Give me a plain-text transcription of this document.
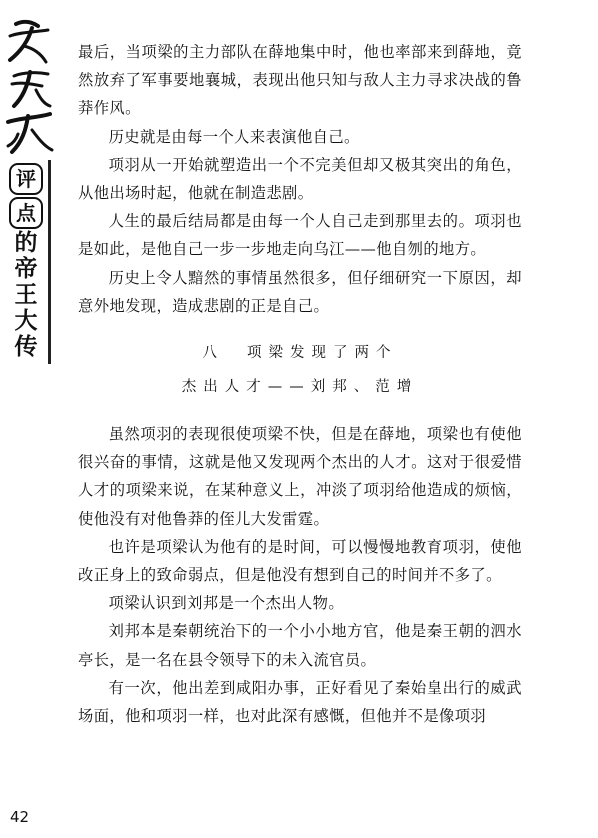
评
点
的
帝
王
大
传

最后，当项梁的主力部队在薛地集中时，他也率部来到薛地，竟然放弃了军事要地襄城，表现出他只知与敌人主力寻求决战的鲁莽作风。

历史就是由每一个人来表演他自己。

项羽从一开始就塑造出一个不完美但却又极其突出的角色，从他出场时起，他就在制造悲剧。

人生的最后结局都是由每一个人自己走到那里去的。项羽也是如此，是他自己一步一步地走向乌江——他自刎的地方。

历史上令人黯然的事情虽然很多，但仔细研究一下原因，却意外地发现，造成悲剧的正是自己。

八 项梁发现了两个
杰出人才——刘邦、范增

虽然项羽的表现很使项梁不快，但是在薛地，项梁也有使他很兴奋的事情，这就是他又发现两个杰出的人才。这对于很爱惜人才的项梁来说，在某种意义上，冲淡了项羽给他造成的烦恼，使他没有对他鲁莽的侄儿大发雷霆。

也许是项梁认为他有的是时间，可以慢慢地教育项羽，使他改正身上的致命弱点，但是他没有想到自己的时间并不多了。

项梁认识到刘邦是一个杰出人物。

刘邦本是秦朝统治下的一个小小地方官，他是秦王朝的泗水亭长，是一名在县令领导下的未入流官员。

有一次，他出差到咸阳办事，正好看见了秦始皇出行的威武场面，他和项羽一样，也对此深有感慨，但他并不是像项羽

42
